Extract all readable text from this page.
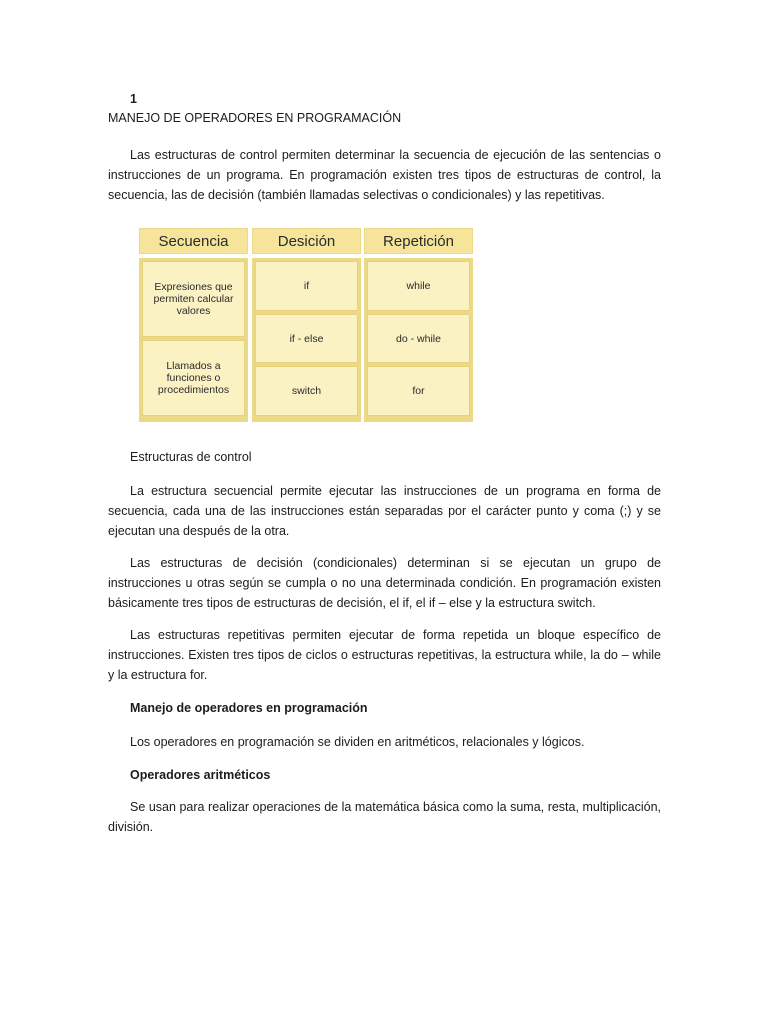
1
MANEJO DE OPERADORES EN PROGRAMACIÓN

Las estructuras de control permiten determinar la secuencia de ejecución de las sentencias o instrucciones de un programa. En programación existen tres tipos de estructuras de control, la secuencia, las de decisión (también llamadas selectivas o condicionales) y las repetitivas.

Secuencia
Expresiones que permiten calcular valores
Llamados a funciones o procedimientos
Desición
if
if - else
switch
Repetición
while
do - while
for

Estructuras de control

La estructura secuencial permite ejecutar las instrucciones de un programa en forma de secuencia, cada una de las instrucciones están separadas por el carácter punto y coma (;) y se ejecutan una después de la otra.

Las estructuras de decisión (condicionales) determinan si se ejecutan un grupo de instrucciones u otras según se cumpla o no una determinada condición. En programación existen básicamente tres tipos de estructuras de decisión, el if, el if – else y la estructura switch.

Las estructuras repetitivas permiten ejecutar de forma repetida un bloque específico de instrucciones. Existen tres tipos de ciclos o estructuras repetitivas, la estructura while, la do – while y la estructura for.

Manejo de operadores en programación

Los operadores en programación se dividen en aritméticos, relacionales y lógicos.

Operadores aritméticos

Se usan para realizar operaciones de la matemática básica como la suma, resta, multiplicación, división.
